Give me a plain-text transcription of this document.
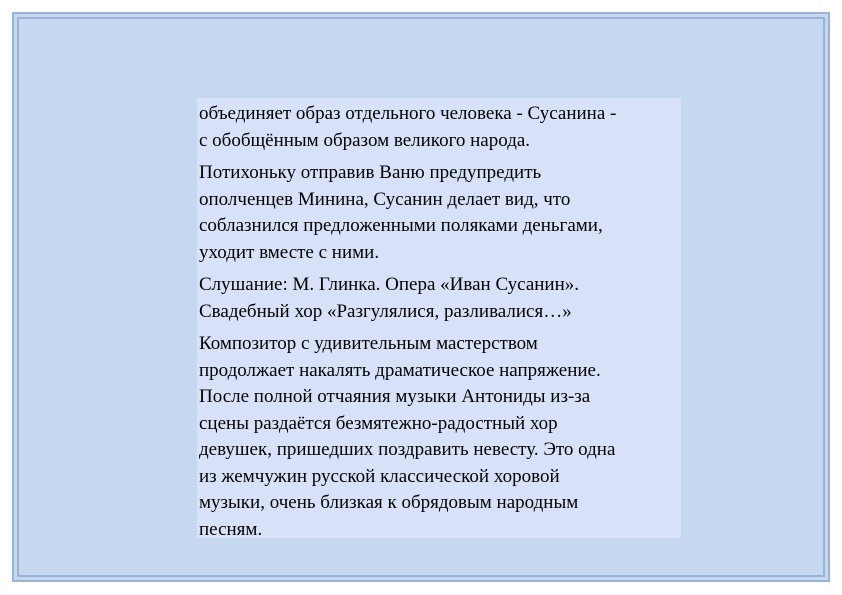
объединяет образ отдельного человека - Сусанина -
с обобщённым образом великого народа.

Потихоньку отправив Ваню предупредить
ополченцев Минина, Сусанин делает вид, что
соблазнился предложенными поляками деньгами,
уходит вместе с ними.

Слушание: М. Глинка. Опера «Иван Сусанин».
Свадебный хор «Разгулялися, разливалися…»

Композитор с удивительным мастерством
продолжает накалять драматическое напряжение.
После полной отчаяния музыки Антониды из-за
сцены раздаётся безмятежно-радостный хор
девушек, пришедших поздравить невесту. Это одна
из жемчужин русской классической хоровой
музыки, очень близкая к обрядовым народным
песням.
